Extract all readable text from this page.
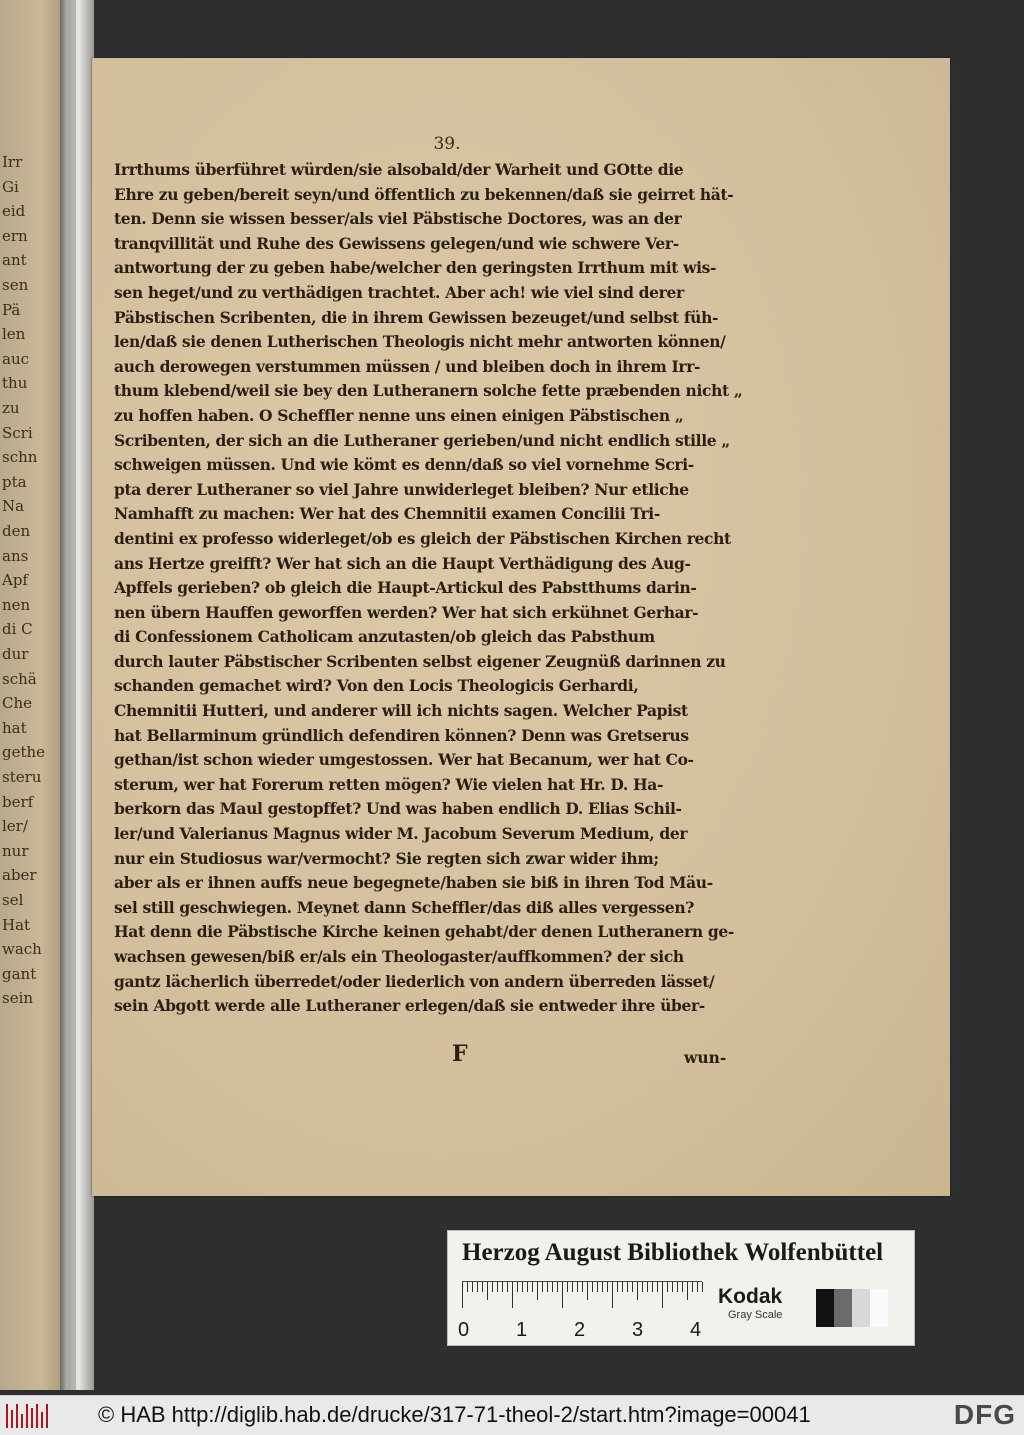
Irr
Gi
eid
ern
ant
sen
Pä
len
auc
thu
zu
Scri
schn
pta
Na
den
ans
Apf
nen
di C
dur
schä
Che
hat
gethe
steru
berf
ler/
nur
aber
sel
Hat
wach
gant
sein
39.
Irrthums überführet würden/sie alsobald/der Warheit und GOtte die
Ehre zu geben/bereit seyn/und öffentlich zu bekennen/daß sie geirret hät-
ten. Denn sie wissen besser/als viel Päbstische Doctores, was an der
tranqvillität und Ruhe des Gewissens gelegen/und wie schwere Ver-
antwortung der zu geben habe/welcher den geringsten Irrthum mit wis-
sen heget/und zu verthädigen trachtet. Aber ach! wie viel sind derer
Päbstischen Scribenten, die in ihrem Gewissen bezeuget/und selbst füh-
len/daß sie denen Lutherischen Theologis nicht mehr antworten können/
auch derowegen verstummen müssen / und bleiben doch in ihrem Irr-
thum klebend/weil sie bey den Lutheranern solche fette præbenden nicht „
zu hoffen haben. O Scheffler nenne uns einen einigen Päbstischen „
Scribenten, der sich an die Lutheraner gerieben/und nicht endlich stille „
schweigen müssen. Und wie kömt es denn/daß so viel vornehme Scri-
pta derer Lutheraner so viel Jahre unwiderleget bleiben? Nur etliche
Namhafft zu machen: Wer hat des Chemnitii examen Concilii Tri-
dentini ex professo widerleget/ob es gleich der Päbstischen Kirchen recht
ans Hertze greifft? Wer hat sich an die Haupt Verthädigung des Aug-
Apffels gerieben? ob gleich die Haupt-Artickul des Pabstthums darin-
nen übern Hauffen geworffen werden? Wer hat sich erkühnet Gerhar-
di Confessionem Catholicam anzutasten/ob gleich das Pabsthum
durch lauter Päbstischer Scribenten selbst eigener Zeugnüß darinnen zu
schanden gemachet wird? Von den Locis Theologicis Gerhardi,
Chemnitii Hutteri, und anderer will ich nichts sagen. Welcher Papist
hat Bellarminum gründlich defendiren können? Denn was Gretserus
gethan/ist schon wieder umgestossen. Wer hat Becanum, wer hat Co-
sterum, wer hat Forerum retten mögen? Wie vielen hat Hr. D. Ha-
berkorn das Maul gestopffet? Und was haben endlich D. Elias Schil-
ler/und Valerianus Magnus wider M. Jacobum Severum Medium, der
nur ein Studiosus war/vermocht? Sie regten sich zwar wider ihm;
aber als er ihnen auffs neue begegnete/haben sie biß in ihren Tod Mäu-
sel still geschwiegen. Meynet dann Scheffler/das diß alles vergessen?
Hat denn die Päbstische Kirche keinen gehabt/der denen Lutheranern ge-
wachsen gewesen/biß er/als ein Theologaster/auffkommen? der sich
gantz lächerlich überredet/oder liederlich von andern überreden lässet/
sein Abgott werde alle Lutheraner erlegen/daß sie entweder ihre über-
F	wun-
Herzog August Bibliothek Wolfenbüttel
0 1 2 3 4
Kodak
Gray Scale
© HAB http://diglib.hab.de/drucke/317-71-theol-2/start.htm?image=00041	DFG
